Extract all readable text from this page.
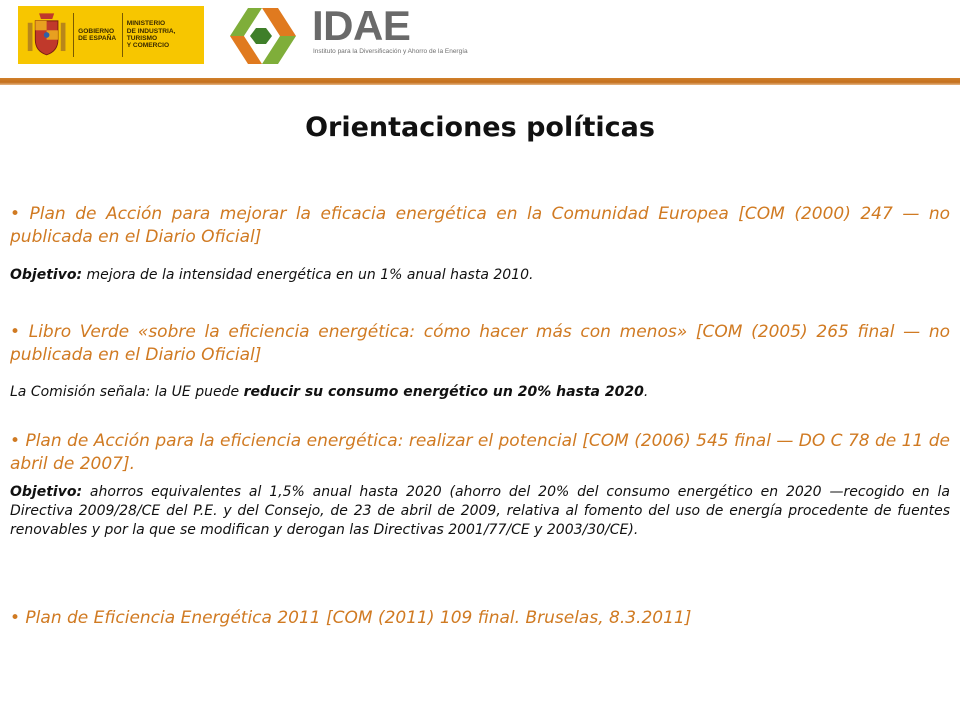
GOBIERNO
DE ESPAÑA
MINISTERIO
DE INDUSTRIA, TURISMO
Y COMERCIO	IDAE
Instituto para la Diversificación y Ahorro de la Energía
Orientaciones políticas
• Plan de Acción para mejorar la eficacia energética en la Comunidad Europea [COM (2000) 247 — no publicada en el Diario Oficial]
Objetivo: mejora de la intensidad energética en un 1% anual hasta 2010.
• Libro Verde «sobre la eficiencia energética: cómo hacer más con menos» [COM (2005) 265 final — no publicada en el Diario Oficial]
La Comisión señala: la UE puede reducir su consumo energético un 20% hasta 2020.
• Plan de Acción para la eficiencia energética: realizar el potencial [COM (2006) 545 final — DO C 78 de 11 de abril de 2007].
Objetivo: ahorros equivalentes al 1,5% anual hasta 2020 (ahorro del 20% del consumo energético en 2020 —recogido en la Directiva 2009/28/CE del P.E. y del Consejo, de 23 de abril de 2009, relativa al fomento del uso de energía procedente de fuentes renovables y por la que se modifican y derogan las Directivas 2001/77/CE y 2003/30/CE).
• Plan de Eficiencia Energética 2011 [COM (2011) 109 final. Bruselas, 8.3.2011]
